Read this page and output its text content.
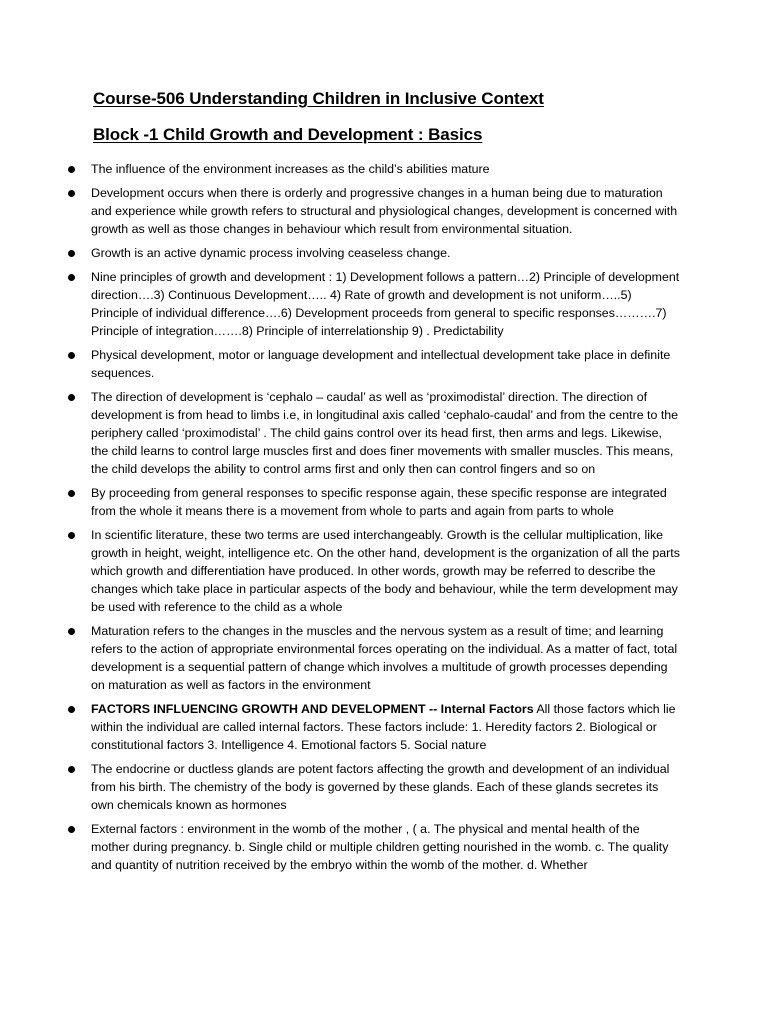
Course-506 Understanding Children in Inclusive Context
Block -1 Child Growth and Development : Basics
The influence of the environment increases as the child’s abilities mature
Development occurs when there is orderly and progressive changes in a human being due to maturation and experience while growth refers to structural and physiological changes, development is concerned with growth as well as those changes in behaviour which result from environmental situation.
Growth is an active dynamic process involving ceaseless change.
Nine principles of growth and development : 1) Development follows a pattern…2) Principle of development direction….3) Continuous Development….. 4) Rate of growth and development is not uniform…..5) Principle of individual difference….6) Development proceeds from general to specific responses……….7) Principle of integration…….8) Principle of interrelationship 9) . Predictability
Physical development, motor or language development and intellectual development take place in definite sequences.
The direction of development is ‘cephalo – caudal’ as well as ‘proximodistal’ direction. The direction of development is from head to limbs i.e, in longitudinal axis called ‘cephalo-caudal’ and from the centre to the periphery called ‘proximodistal’ . The child gains control over its head first, then arms and legs. Likewise, the child learns to control large muscles first and does finer movements with smaller muscles. This means, the child develops the ability to control arms first and only then can control fingers and so on
By proceeding from general responses to specific response again, these specific response are integrated from the whole it means there is a movement from whole to parts and again from parts to whole
In scientific literature, these two terms are used interchangeably. Growth is the cellular multiplication, like growth in height, weight, intelligence etc. On the other hand, development is the organization of all the parts which growth and differentiation have produced. In other words, growth may be referred to describe the changes which take place in particular aspects of the body and behaviour, while the term development may be used with reference to the child as a whole
Maturation refers to the changes in the muscles and the nervous system as a result of time; and learning refers to the action of appropriate environmental forces operating on the individual. As a matter of fact, total development is a sequential pattern of change which involves a multitude of growth processes depending on maturation as well as factors in the environment
FACTORS INFLUENCING GROWTH AND DEVELOPMENT -- Internal Factors All those factors which lie within the individual are called internal factors. These factors include: 1. Heredity factors 2. Biological or constitutional factors 3. Intelligence 4. Emotional factors 5. Social nature
The endocrine or ductless glands are potent factors affecting the growth and development of an individual from his birth. The chemistry of the body is governed by these glands. Each of these glands secretes its own chemicals known as hormones
External factors : environment in the womb of the mother , ( a. The physical and mental health of the mother during pregnancy. b. Single child or multiple children getting nourished in the womb. c. The quality and quantity of nutrition received by the embryo within the womb of the mother. d. Whether
